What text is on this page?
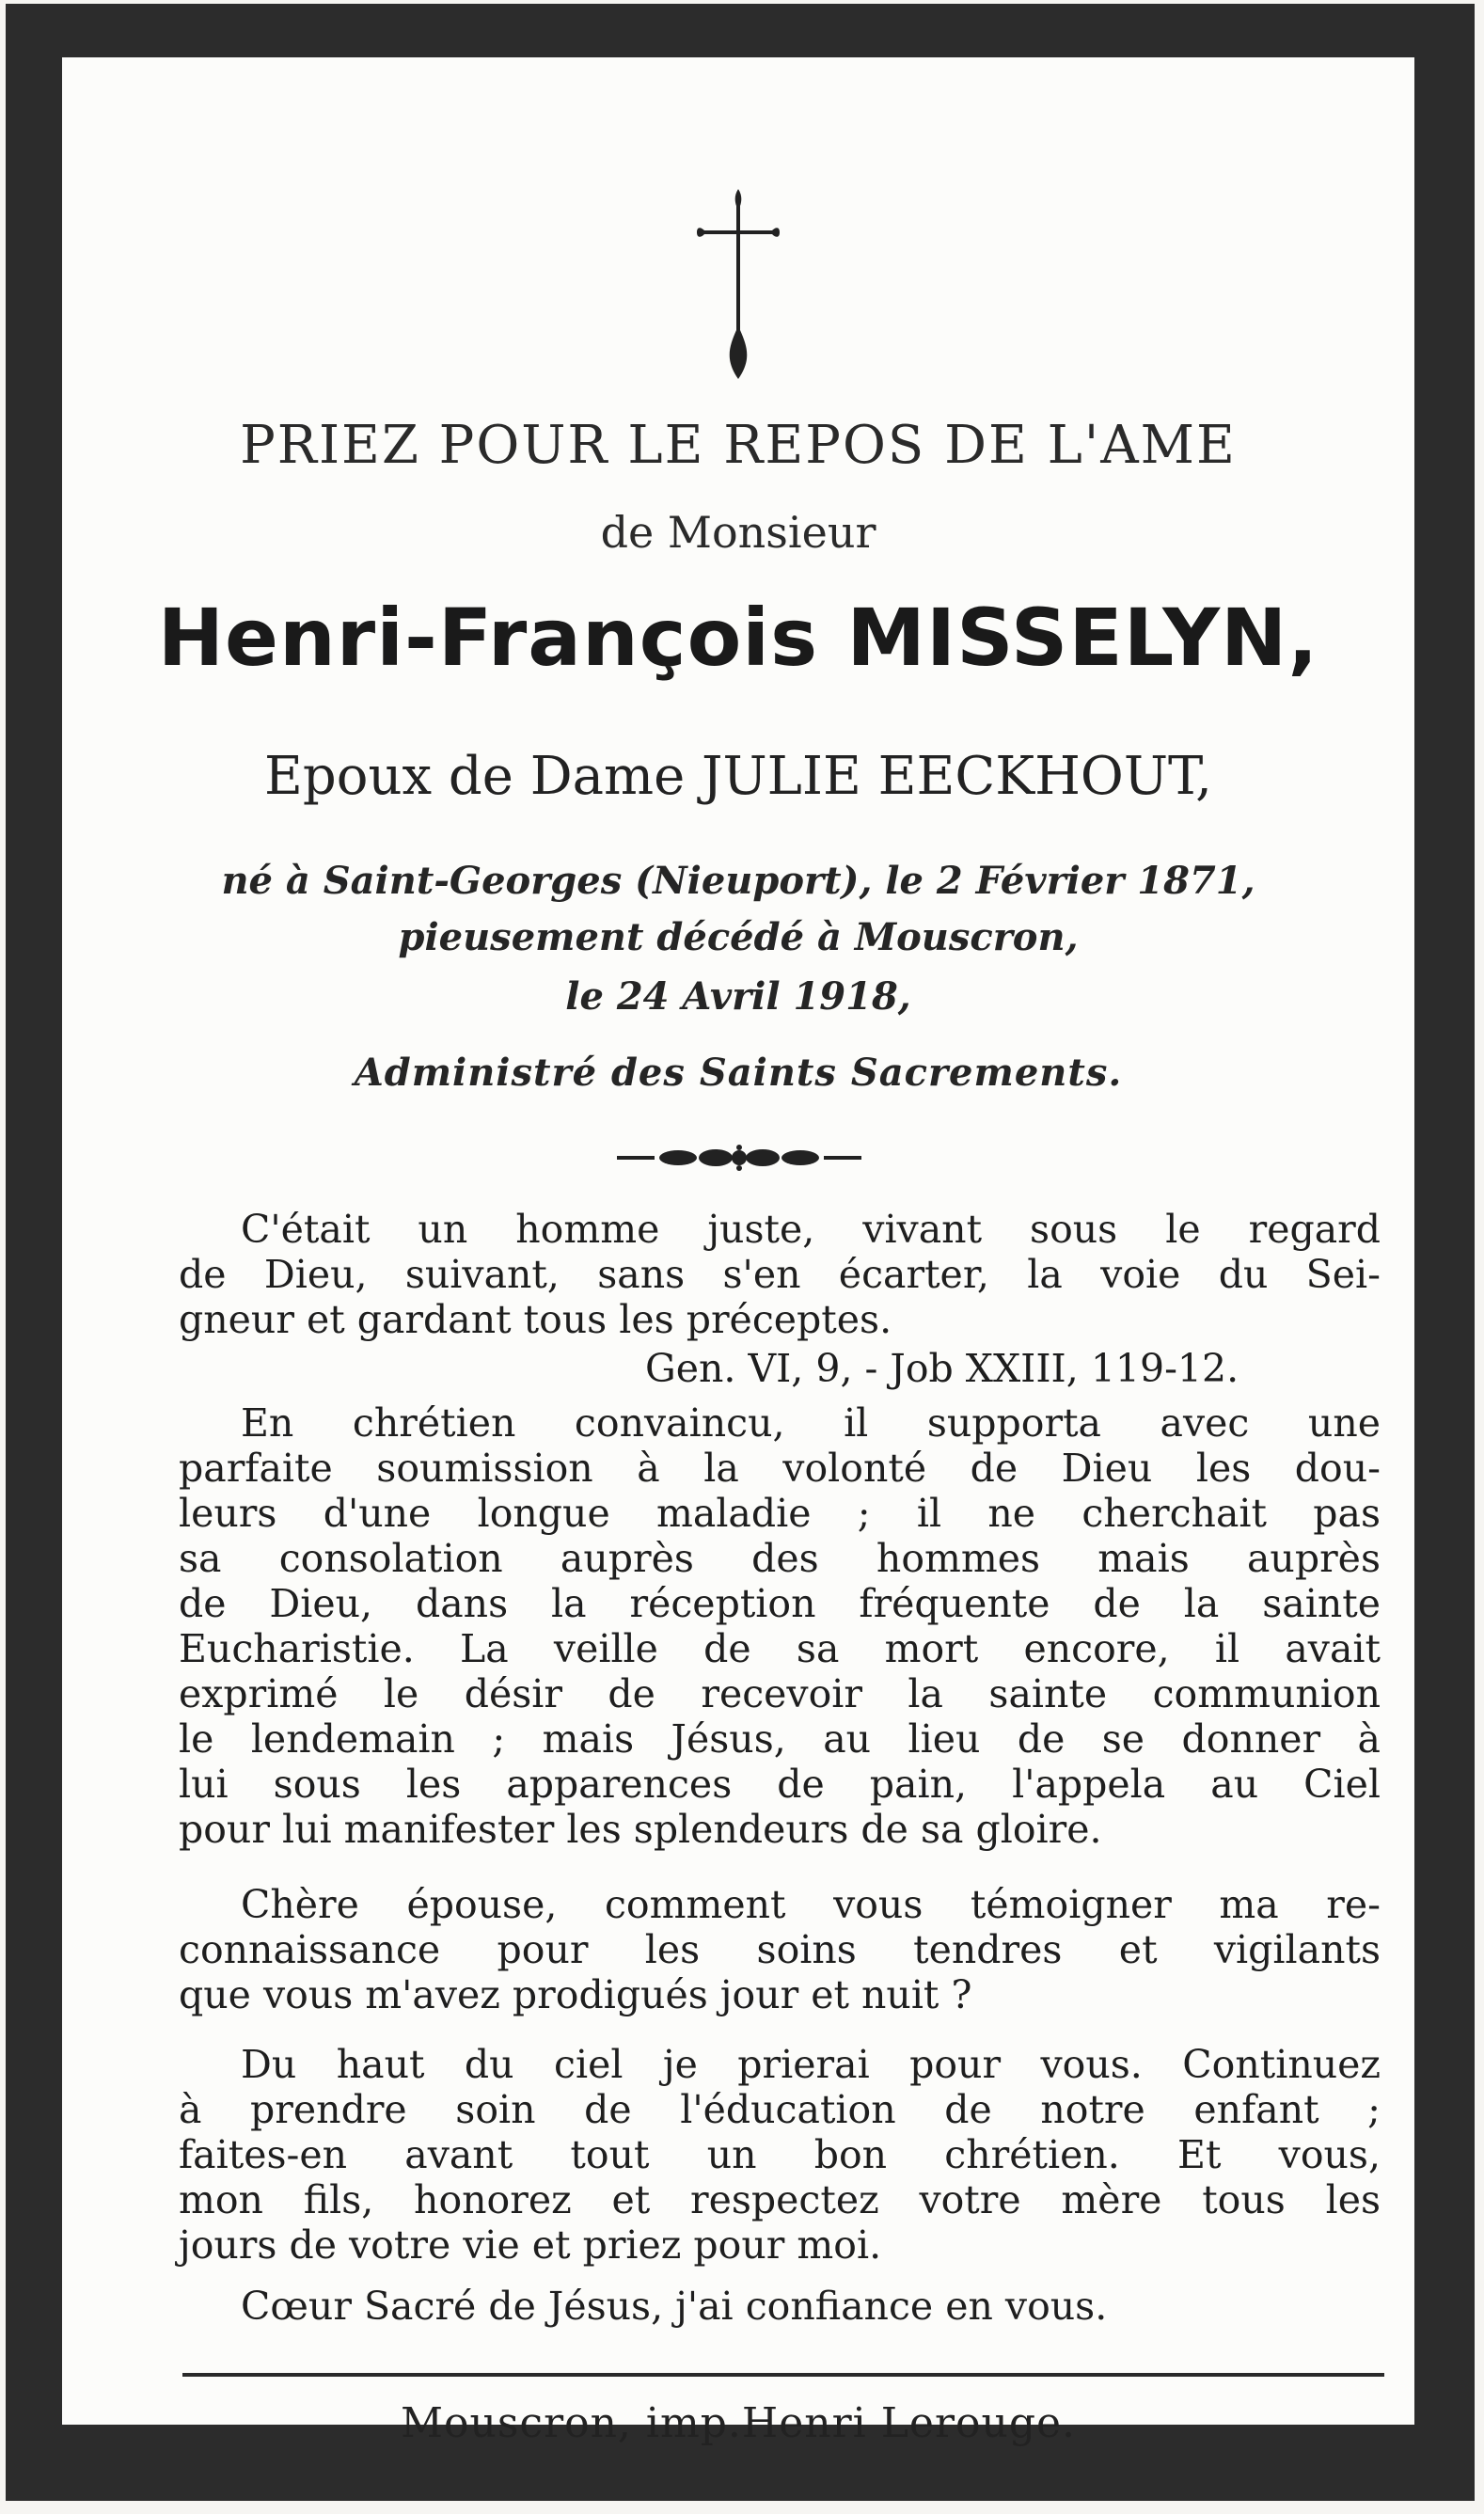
PRIEZ POUR LE REPOS DE L'AME
de Monsieur
Henri-François MISSELYN,
Epoux de Dame JULIE EECKHOUT,
né à Saint-Georges (Nieuport), le 2 Février 1871,
pieusement décédé à Mouscron,
le 24 Avril 1918,
Administré des Saints Sacrements.
C'était un homme juste, vivant sous le regard
de Dieu, suivant, sans s'en écarter, la voie du Sei-
gneur et gardant tous les préceptes.
Gen. VI, 9, - Job XXIII, 119-12.
En chrétien convaincu, il supporta avec une
parfaite soumission à la volonté de Dieu les dou-
leurs d'une longue maladie ; il ne cherchait pas
sa consolation auprès des hommes mais auprès
de Dieu, dans la réception fréquente de la sainte
Eucharistie. La veille de sa mort encore, il avait
exprimé le désir de recevoir la sainte communion
le lendemain ; mais Jésus, au lieu de se donner à
lui sous les apparences de pain, l'appela au Ciel
pour lui manifester les splendeurs de sa gloire.
Chère épouse, comment vous témoigner ma re-
connaissance pour les soins tendres et vigilants
que vous m'avez prodigués jour et nuit ?
Du haut du ciel je prierai pour vous. Continuez
à prendre soin de l'éducation de notre enfant ;
faites-en avant tout un bon chrétien. Et vous,
mon fils, honorez et respectez votre mère tous les
jours de votre vie et priez pour moi.
Cœur Sacré de Jésus, j'ai confiance en vous.
Mouscron, imp.Henri Lerouge.
